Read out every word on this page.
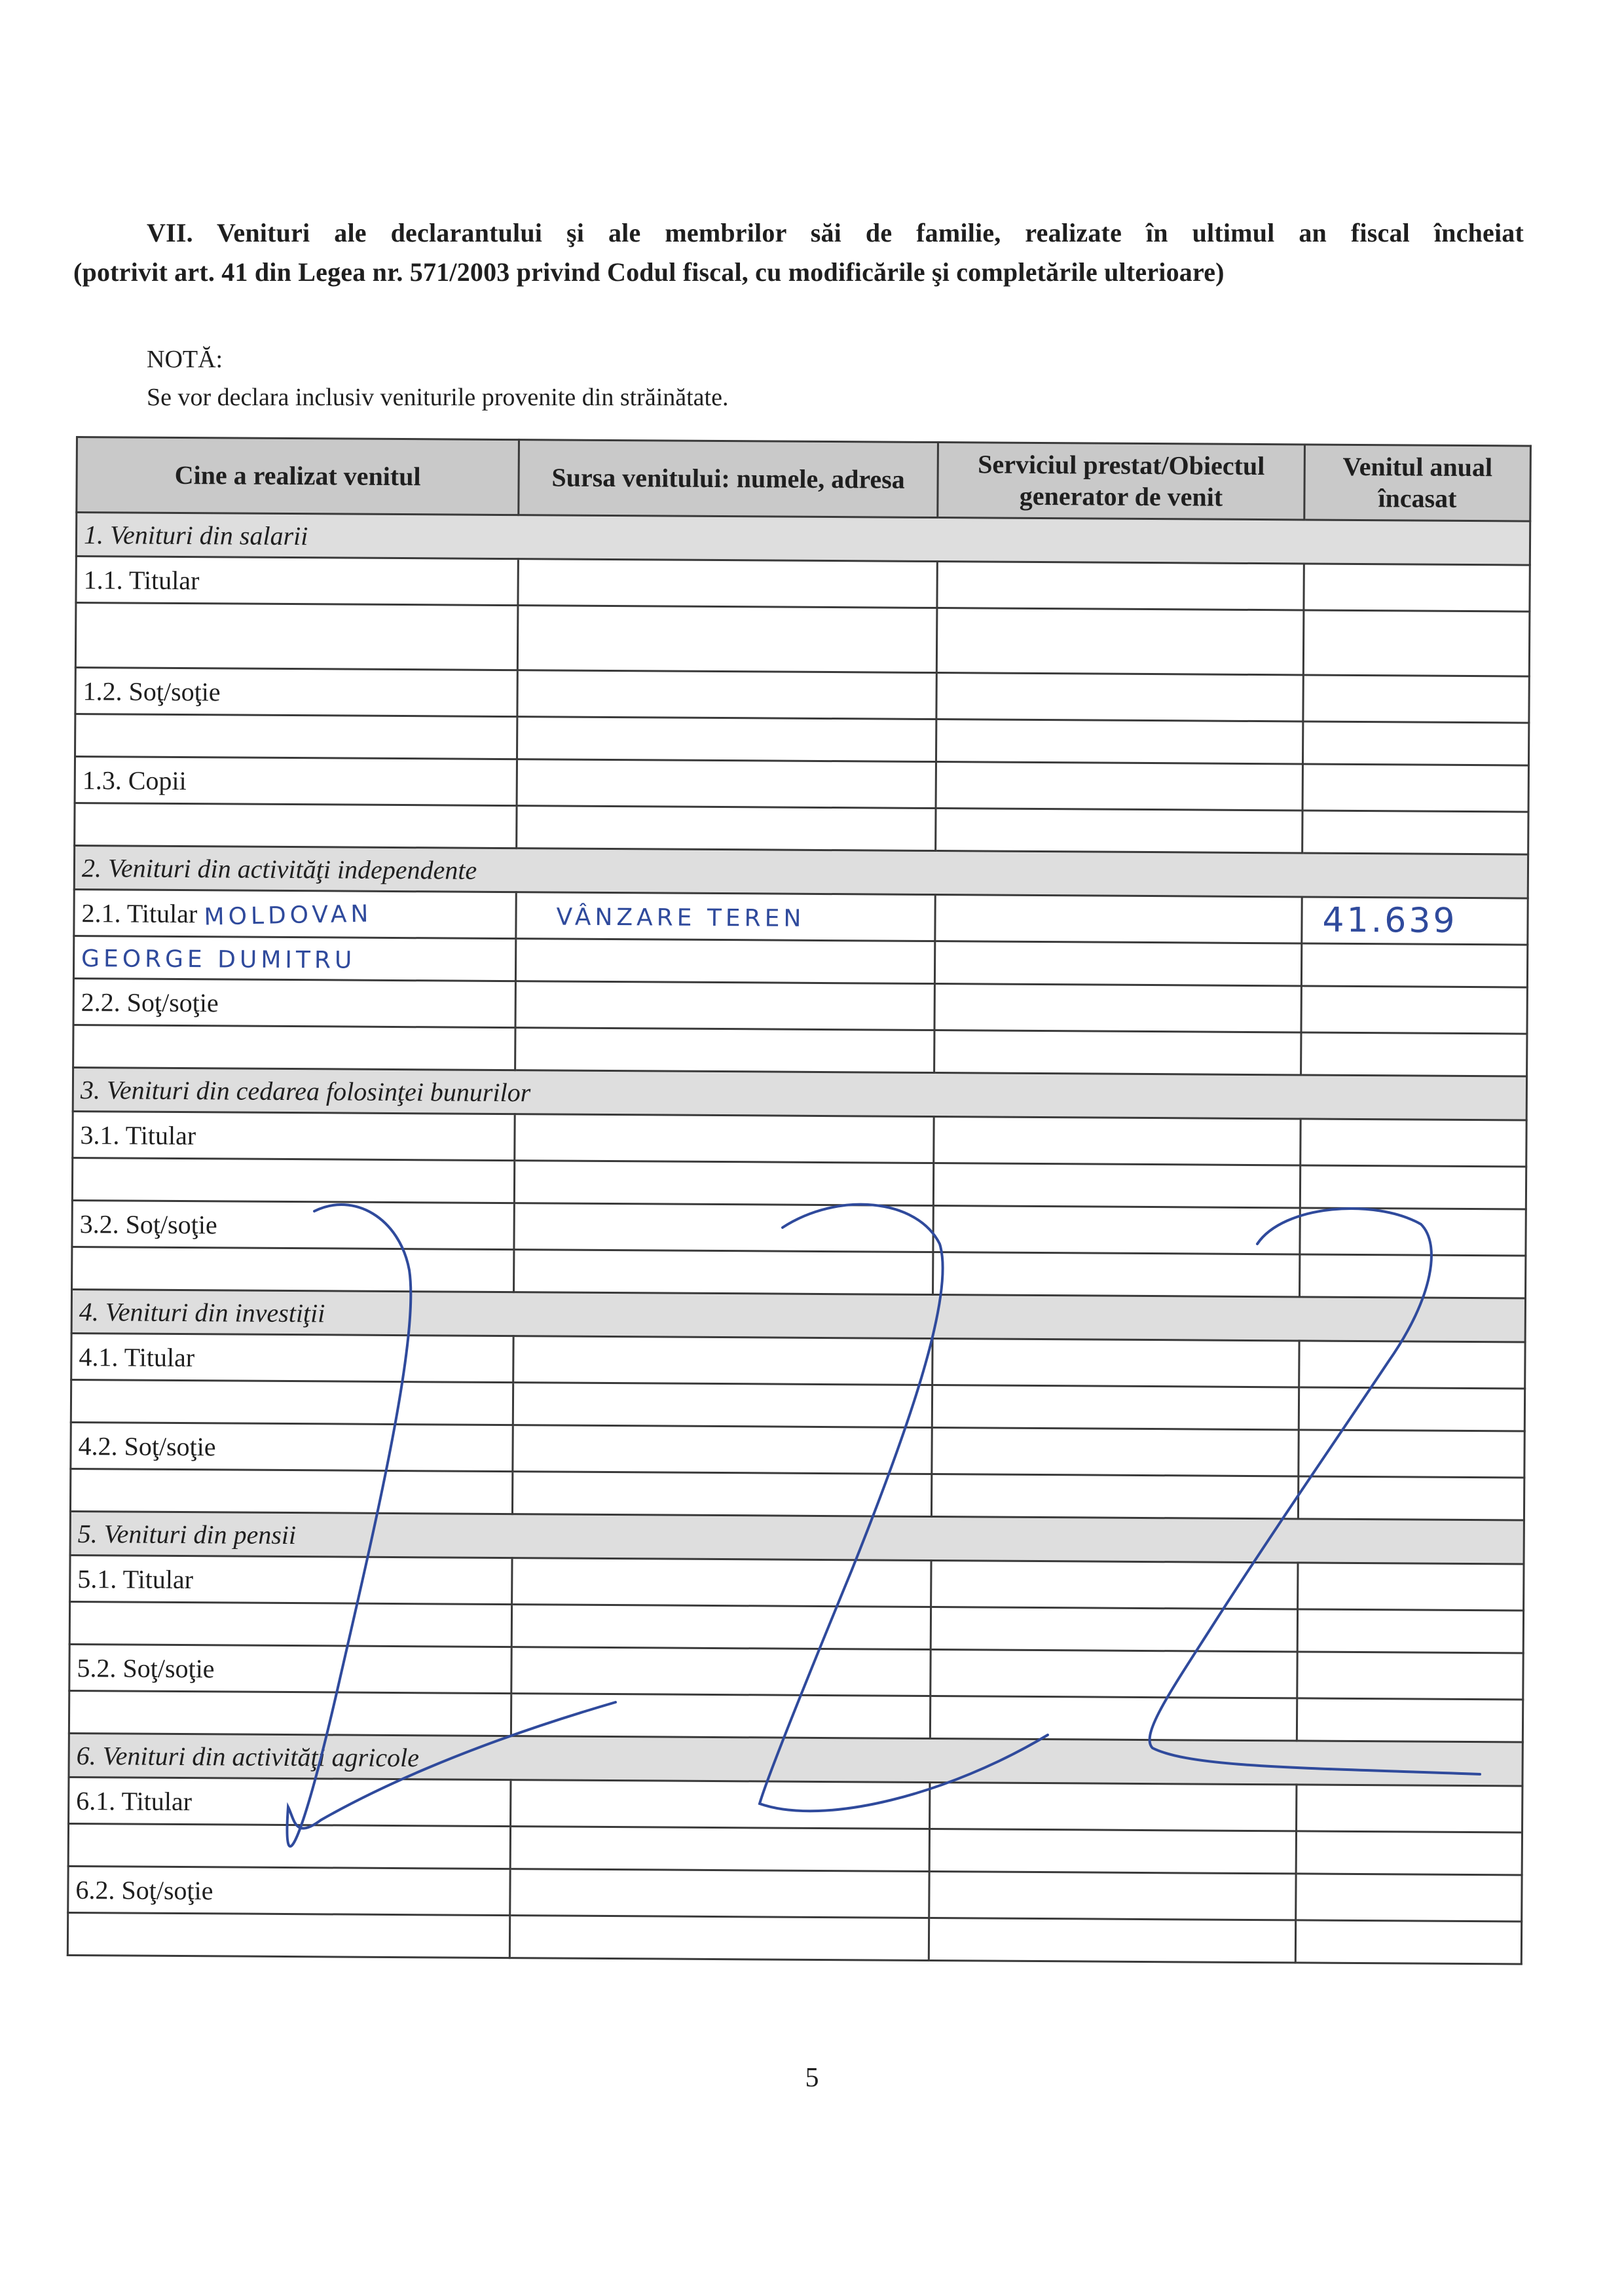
VII. Venituri ale declarantului şi ale membrilor săi de familie, realizate în ultimul an fiscal încheiat
(potrivit art. 41 din Legea nr. 571/2003 privind Codul fiscal, cu modificările şi completările ulterioare)
NOTĂ:
Se vor declara inclusiv veniturile provenite din străinătate.
Cine a realizat venitul	Sursa venitului: numele, adresa	Serviciul prestat/Obiectul generator de venit	Venitul anual încasat
1. Venituri din salarii			
1.1. Titular			

1.2. Soţ/soţie			

1.3. Copii			

2. Venituri din activităţi independente			
2.1. Titular MOLDOVAN	VÂNZARE TEREN		41.639
GEORGE DUMITRU			
2.2. Soţ/soţie			

3. Venituri din cedarea folosinţei bunurilor			
3.1. Titular			

3.2. Soţ/soţie			

4. Venituri din investiţii			
4.1. Titular			

4.2. Soţ/soţie			

5. Venituri din pensii			
5.1. Titular			

5.2. Soţ/soţie			

6. Venituri din activităţi agricole			
6.1. Titular			

6.2. Soţ/soţie			

5
